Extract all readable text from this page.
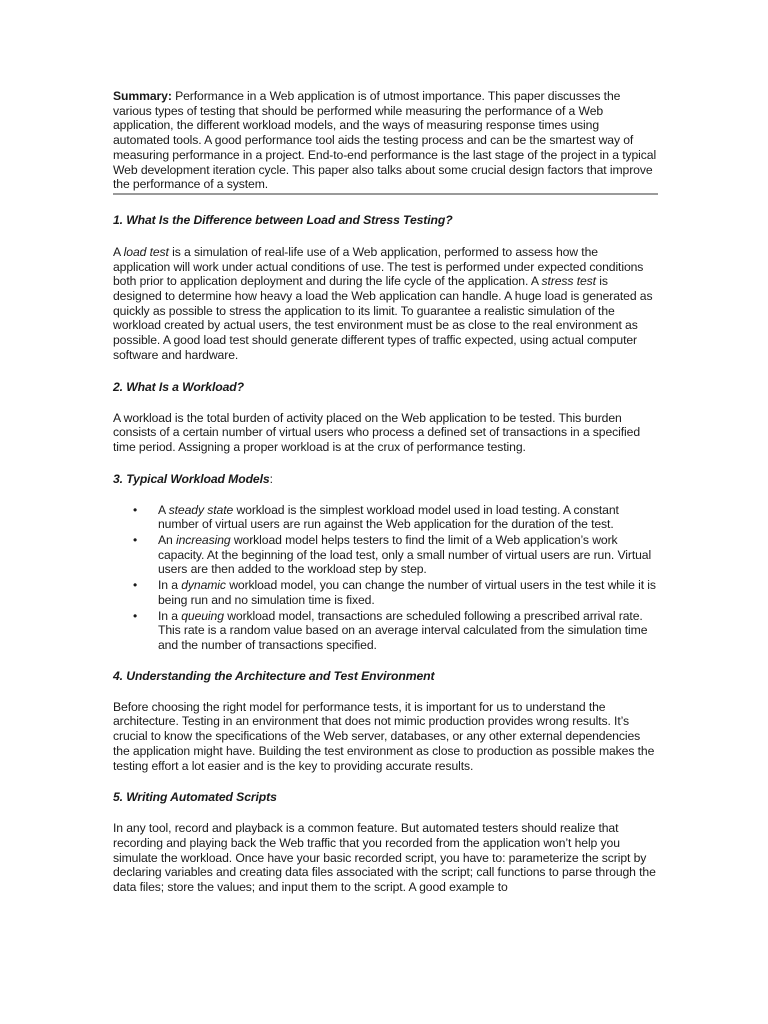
Summary: Performance in a Web application is of utmost importance. This paper discusses the various types of testing that should be performed while measuring the performance of a Web application, the different workload models, and the ways of measuring response times using automated tools. A good performance tool aids the testing process and can be the smartest way of measuring performance in a project. End-to-end performance is the last stage of the project in a typical Web development iteration cycle. This paper also talks about some crucial design factors that improve the performance of a system.

1. What Is the Difference between Load and Stress Testing?

A load test is a simulation of real-life use of a Web application, performed to assess how the application will work under actual conditions of use. The test is performed under expected conditions both prior to application deployment and during the life cycle of the application. A stress test is designed to determine how heavy a load the Web application can handle. A huge load is generated as quickly as possible to stress the application to its limit. To guarantee a realistic simulation of the workload created by actual users, the test environment must be as close to the real environment as possible. A good load test should generate different types of traffic expected, using actual computer software and hardware.

2. What Is a Workload?

A workload is the total burden of activity placed on the Web application to be tested. This burden consists of a certain number of virtual users who process a defined set of transactions in a specified time period. Assigning a proper workload is at the crux of performance testing.

3. Typical Workload Models:
• A steady state workload is the simplest workload model used in load testing. A constant number of virtual users are run against the Web application for the duration of the test.
• An increasing workload model helps testers to find the limit of a Web application’s work capacity. At the beginning of the load test, only a small number of virtual users are run. Virtual users are then added to the workload step by step.
• In a dynamic workload model, you can change the number of virtual users in the test while it is being run and no simulation time is fixed.
• In a queuing workload model, transactions are scheduled following a prescribed arrival rate. This rate is a random value based on an average interval calculated from the simulation time and the number of transactions specified.
4. Understanding the Architecture and Test Environment

Before choosing the right model for performance tests, it is important for us to understand the architecture. Testing in an environment that does not mimic production provides wrong results. It’s crucial to know the specifications of the Web server, databases, or any other external dependencies the application might have. Building the test environment as close to production as possible makes the testing effort a lot easier and is the key to providing accurate results.

5. Writing Automated Scripts

In any tool, record and playback is a common feature. But automated testers should realize that recording and playing back the Web traffic that you recorded from the application won’t help you simulate the workload. Once have your basic recorded script, you have to: parameterize the script by declaring variables and creating data files associated with the script; call functions to parse through the data files; store the values; and input them to the script. A good example to
